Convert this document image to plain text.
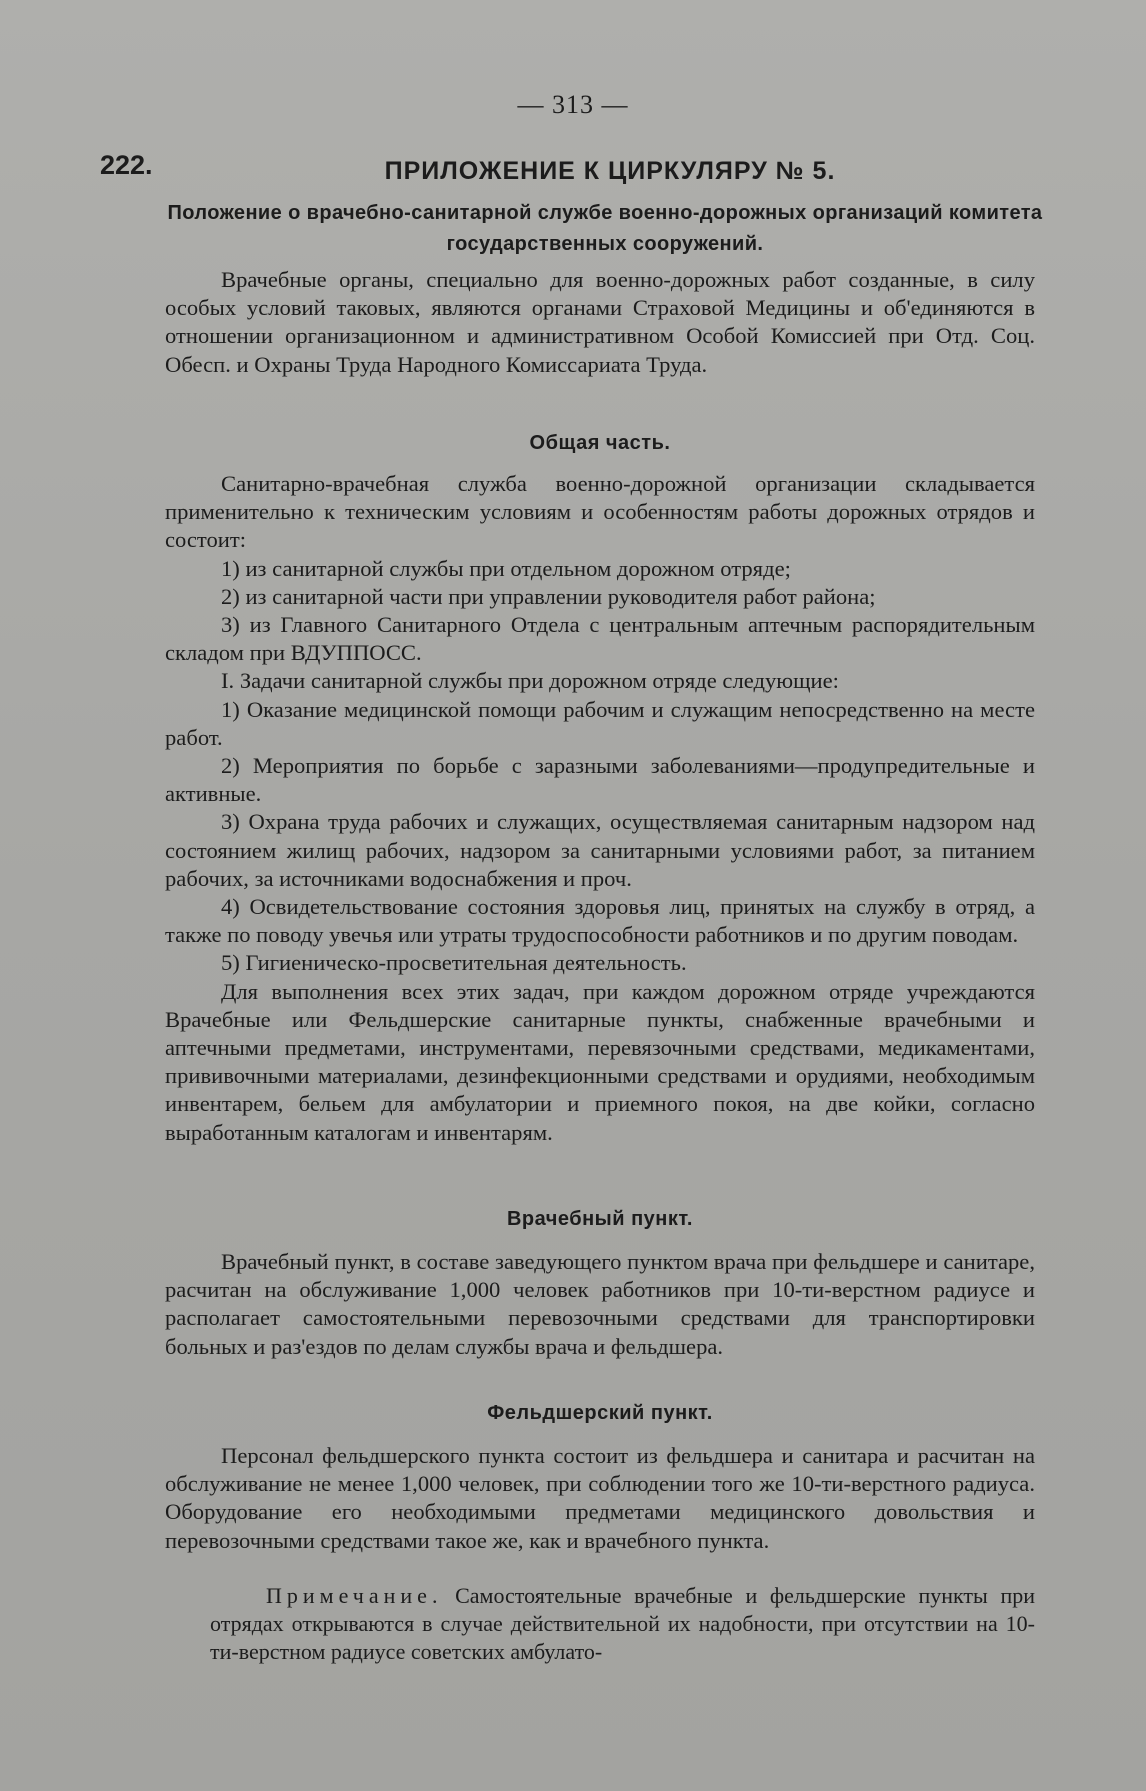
— 313 —
222.	ПРИЛОЖЕНИЕ К ЦИРКУЛЯРУ № 5.
Положение о врачебно-санитарной службе военно-дорожных организаций комитета государственных сооружений.

Врачебные органы, специально для военно-дорожных работ созданные, в силу особых условий таковых, являются органами Страховой Медицины и об'единяются в отношении организационном и административном Особой Комиссией при Отд. Соц. Обесп. и Охраны Труда Народного Комиссариата Труда.

Общая часть.

Санитарно-врачебная служба военно-дорожной организации складывается применительно к техническим условиям и особенностям работы дорожных отрядов и состоит:

1) из санитарной службы при отдельном дорожном отряде;

2) из санитарной части при управлении руководителя работ района;

3) из Главного Санитарного Отдела с центральным аптечным распорядительным складом при ВДУППОСС.

I. Задачи санитарной службы при дорожном отряде следующие:

1) Оказание медицинской помощи рабочим и служащим непосредственно на месте работ.

2) Мероприятия по борьбе с заразными заболеваниями—продупредительные и активные.

3) Охрана труда рабочих и служащих, осуществляемая санитарным надзором над состоянием жилищ рабочих, надзором за санитарными условиями работ, за питанием рабочих, за источниками водоснабжения и проч.

4) Освидетельствование состояния здоровья лиц, принятых на службу в отряд, а также по поводу увечья или утраты трудоспособности работников и по другим поводам.

5) Гигиеническо-просветительная деятельность.

Для выполнения всех этих задач, при каждом дорожном отряде учреждаются Врачебные или Фельдшерские санитарные пункты, снабженные врачебными и аптечными предметами, инструментами, перевязочными средствами, медикаментами, прививочными материалами, дезинфекционными средствами и орудиями, необходимым инвентарем, бельем для амбулатории и приемного покоя, на две койки, согласно выработанным каталогам и инвентарям.

Врачебный пункт.

Врачебный пункт, в составе заведующего пунктом врача при фельдшере и санитаре, расчитан на обслуживание 1,000 человек работников при 10-ти-верстном радиусе и располагает самостоятельными перевозочными средствами для транспортировки больных и раз'ездов по делам службы врача и фельдшера.

Фельдшерский пункт.

Персонал фельдшерского пункта состоит из фельдшера и санитара и расчитан на обслуживание не менее 1,000 человек, при соблюдении того же 10-ти-верстного радиуса. Оборудование его необходимыми предметами медицинского довольствия и перевозочными средствами такое же, как и врачебного пункта.

Примечание. Самостоятельные врачебные и фельдшерские пункты при отрядах открываются в случае действительной их надобности, при отсутствии на 10-ти-верстном радиусе советских амбулато-
